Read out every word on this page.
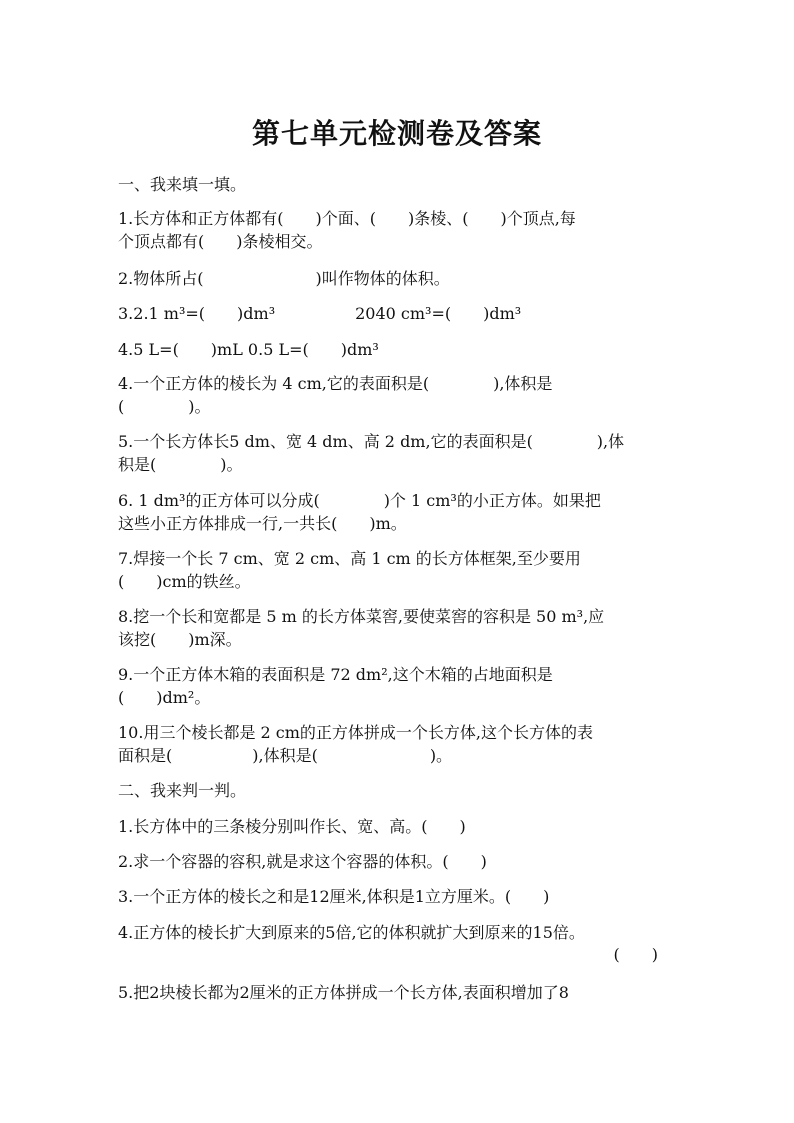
第七单元检测卷及答案

一、我来填一填。

1.长方体和正方体都有(　　)个面、(　　)条棱、(　　)个顶点,每

个顶点都有(　　)条棱相交。

2.物体所占(　　　　　　　)叫作物体的体积。

3.2.1 m³=(　　)dm³　　　　　2040 cm³=(　　)dm³

4.5 L=(　　)mL 0.5 L=(　　)dm³

4.一个正方体的棱长为 4 cm,它的表面积是(　　　　),体积是

(　　　　)。

5.一个长方体长5 dm、宽 4 dm、高 2 dm,它的表面积是(　　　　),体

积是(　　　　)。

6. 1 dm³的正方体可以分成(　　　　)个 1 cm³的小正方体。如果把

这些小正方体排成一行,一共长(　　)m。

7.焊接一个长 7 cm、宽 2 cm、高 1 cm 的长方体框架,至少要用

(　　)cm的铁丝。

8.挖一个长和宽都是 5 m 的长方体菜窖,要使菜窖的容积是 50 m³,应

该挖(　　)m深。

9.一个正方体木箱的表面积是 72 dm²,这个木箱的占地面积是

(　　)dm²。

10.用三个棱长都是 2 cm的正方体拼成一个长方体,这个长方体的表

面积是(　　　　　),体积是(　　　　　　　)。

二、我来判一判。

1.长方体中的三条棱分别叫作长、宽、高。(　　)

2.求一个容器的容积,就是求这个容器的体积。(　　)

3.一个正方体的棱长之和是12厘米,体积是1立方厘米。(　　)

4.正方体的棱长扩大到原来的5倍,它的体积就扩大到原来的15倍。

(　　)

5.把2块棱长都为2厘米的正方体拼成一个长方体,表面积增加了8
